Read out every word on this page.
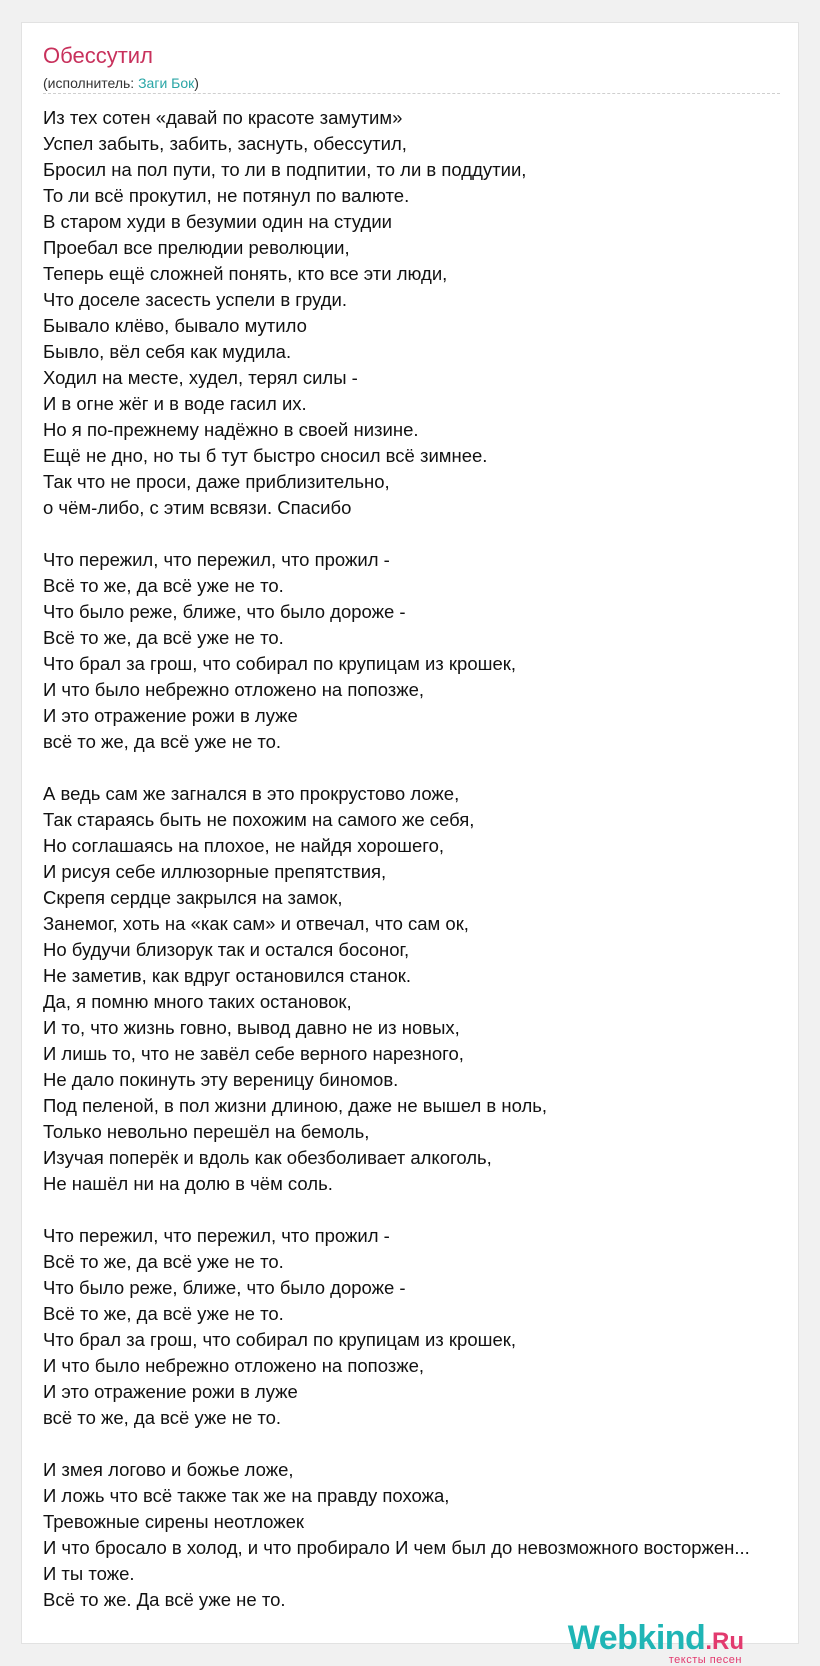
Обессутил
(исполнитель: Заги Бок)
Из тех сотен «давай по красоте замутим»
Успел забыть, забить, заснуть, обессутил,
Бросил на пол пути, то ли в подпитии, то ли в поддутии,
То ли всё прокутил, не потянул по валюте.
В старом худи в безумии один на студии
Проебал все прелюдии революции,
Теперь ещё сложней понять, кто все эти люди,
Что доселе засесть успели в груди.
Бывало клёво, бывало мутило
Бывло, вёл себя как мудила.
Ходил на месте, худел, терял силы -
И в огне жёг и в воде гасил их.
Но я по-прежнему надёжно в своей низине.
Ещё не дно, но ты б тут быстро сносил всё зимнее.
Так что не проси, даже приблизительно,
о чём-либо, с этим всвязи. Спасибо
Что пережил, что пережил, что прожил -
Всё то же, да всё уже не то.
Что было реже, ближе, что было дороже -
Всё то же, да всё уже не то.
Что брал за грош, что собирал по крупицам из крошек,
И что было небрежно отложено на попозже,
И это отражение рожи в луже
всё то же, да всё уже не то.
А ведь сам же загнался в это прокрустово ложе,
Так стараясь быть не похожим на самого же себя,
Но соглашаясь на плохое, не найдя хорошего,
И рисуя себе иллюзорные препятствия,
Скрепя сердце закрылся на замок,
Занемог, хоть на «как сам» и отвечал, что сам ок,
Но будучи близорук так и остался босоног,
Не заметив, как вдруг остановился станок.
Да, я помню много таких остановок,
И то, что жизнь говно, вывод давно не из новых,
И лишь то, что не завёл себе верного нарезного,
Не дало покинуть эту вереницу биномов.
Под пеленой, в пол жизни длиною, даже не вышел в ноль,
Только невольно перешёл на бемоль,
Изучая поперёк и вдоль как обезболивает алкоголь,
Не нашёл ни на долю в чём соль.
Что пережил, что пережил, что прожил -
Всё то же, да всё уже не то.
Что было реже, ближе, что было дороже -
Всё то же, да всё уже не то.
Что брал за грош, что собирал по крупицам из крошек,
И что было небрежно отложено на попозже,
И это отражение рожи в луже
всё то же, да всё уже не то.
И змея логово и божье ложе,
И ложь что всё также так же на правду похожа,
Тревожные сирены неотложек
И что бросало в холод, и что пробирало И чем был до невозможного восторжен...
И ты тоже.
Всё то же. Да всё уже не то.
Webkind.Ru
тексты песен
